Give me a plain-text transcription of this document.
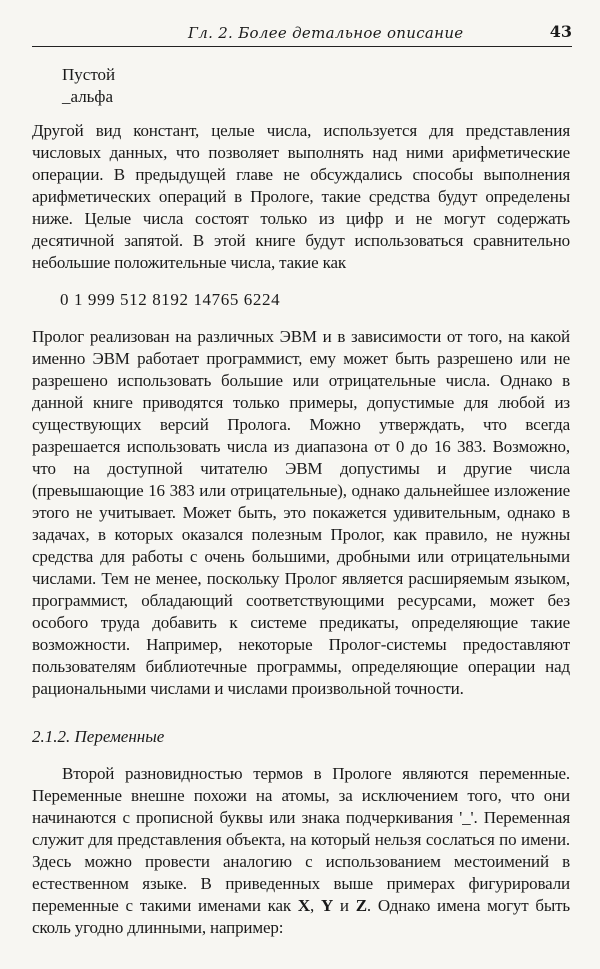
Гл. 2. Более детальное описание	43
Пустой
_альфа
Другой вид констант, целые числа, используется для представления числовых данных, что позволяет выполнять над ними арифметические операции. В предыдущей главе не обсуждались способы выполнения арифметических операций в Прологе, такие средства будут определены ниже. Целые числа состоят только из цифр и не могут содержать десятичной запятой. В этой книге будут использоваться сравнительно небольшие положительные числа, такие как
0 1 999 512 8192 14765 6224
Пролог реализован на различных ЭВМ и в зависимости от того, на какой именно ЭВМ работает программист, ему может быть разрешено или не разрешено использовать большие или отрицательные числа. Однако в данной книге приводятся только примеры, допустимые для любой из существующих версий Пролога. Можно утверждать, что всегда разрешается использовать числа из диапазона от 0 до 16 383. Возможно, что на доступной читателю ЭВМ допустимы и другие числа (превышающие 16 383 или отрицательные), однако дальнейшее изложение этого не учитывает. Может быть, это покажется удивительным, однако в задачах, в которых оказался полезным Пролог, как правило, не нужны средства для работы с очень большими, дробными или отрицательными числами. Тем не менее, поскольку Пролог является расширяемым языком, программист, обладающий соответствующими ресурсами, может без особого труда добавить к системе предикаты, определяющие такие возможности. Например, некоторые Пролог-системы предоставляют пользователям библиотечные программы, определяющие операции над рациональными числами и числами произвольной точности.
2.1.2. Переменные
Второй разновидностью термов в Прологе являются переменные. Переменные внешне похожи на атомы, за исключением того, что они начинаются с прописной буквы или знака подчеркивания '_'. Переменная служит для представления объекта, на который нельзя сослаться по имени. Здесь можно провести аналогию с использованием местоимений в естественном языке. В приведенных выше примерах фигурировали переменные с такими именами как X, Y и Z. Однако имена могут быть сколь угодно длинными, например:
